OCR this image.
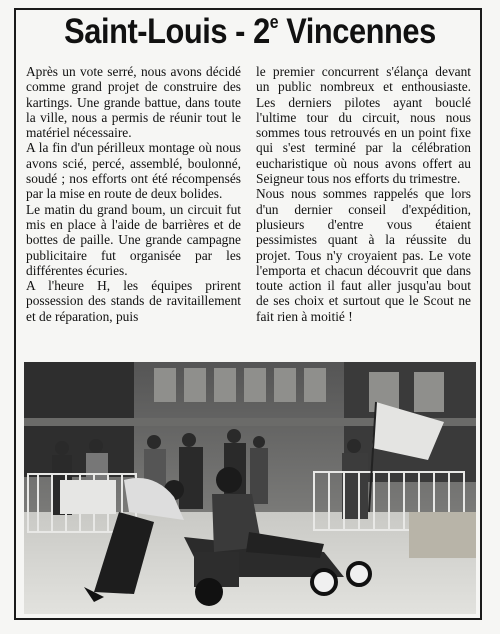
Saint-Louis - 2e Vincennes

Après un vote serré, nous avons décidé comme grand projet de construire des kartings. Une grande battue, dans toute la ville, nous a permis de réunir tout le matériel nécessaire.

A la fin d'un périlleux montage où nous avons scié, percé, assemblé, boulonné, soudé ; nos efforts ont été récompensés par la mise en route de deux bolides.

Le matin du grand boum, un circuit fut mis en place à l'aide de barrières et de bottes de paille. Une grande campagne publicitaire fut organisée par les différentes écuries.

A l'heure H, les équipes prirent possession des stands de ravitaillement et de réparation, puis

le premier concurrent s'élança devant un public nombreux et enthousiaste. Les derniers pilotes ayant bouclé l'ultime tour du circuit, nous nous sommes tous retrouvés en un point fixe qui s'est terminé par la célébration eucharistique où nous avons offert au Seigneur tous nos efforts du trimestre.

Nous nous sommes rappelés que lors d'un dernier conseil d'expédition, plusieurs d'entre vous étaient pessimistes quant à la réussite du projet. Tous n'y croyaient pas. Le vote l'emporta et chacun découvrit que dans toute action il faut aller jusqu'au bout de ses choix et surtout que le Scout ne fait rien à moitié !
